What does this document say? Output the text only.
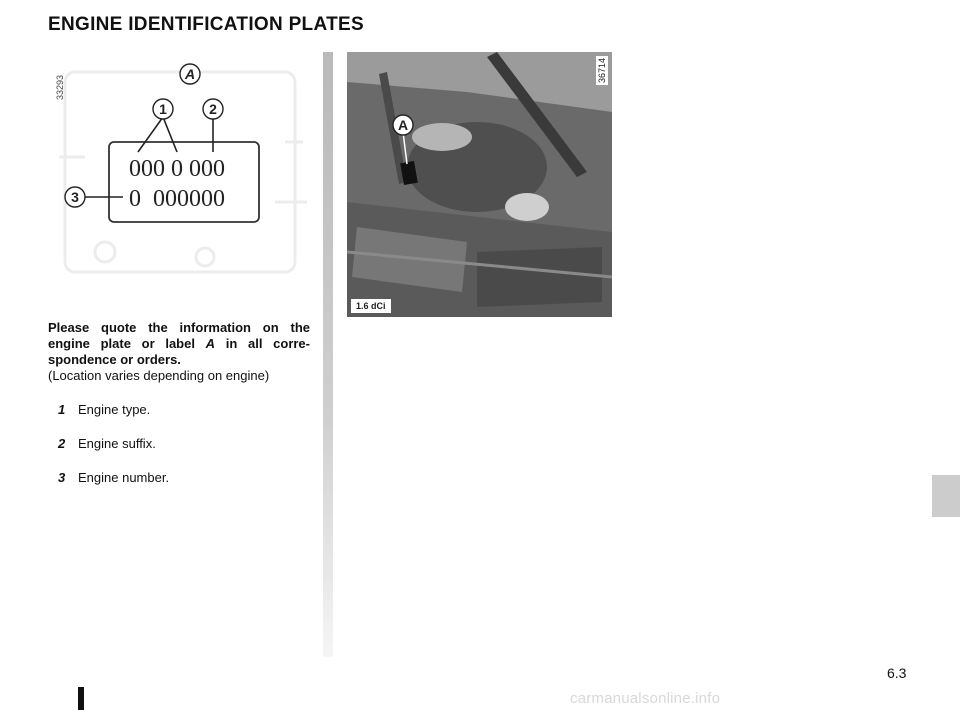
ENGINE IDENTIFICATION PLATES
000 0 000
0  000000
A
1	2
3
33293
A
36714
1.6 dCi

Please quote the information on the engine plate or label A in all corre-spondence or orders.

(Location varies depending on engine)

1 Engine type.
2 Engine suffix.
3 Engine number.
6.3
carmanualsonline.info
